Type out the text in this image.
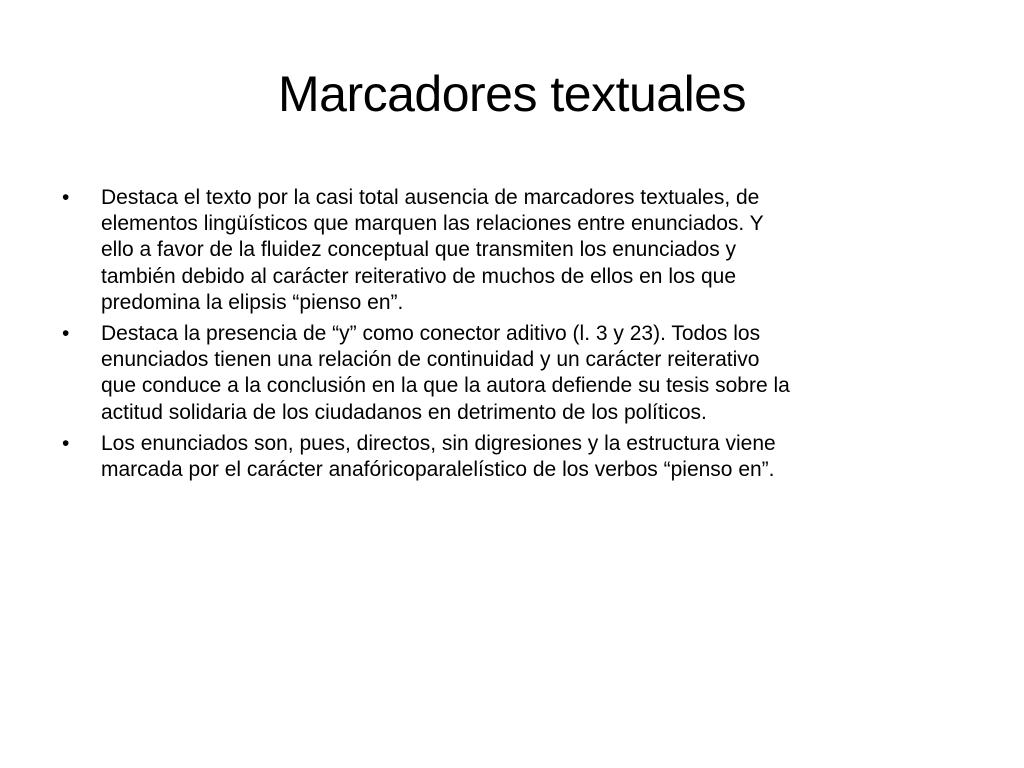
Marcadores textuales
•	Destaca el texto por la casi total ausencia de marcadores textuales, de
elementos lingüísticos que marquen las relaciones entre enunciados. Y
ello a favor de la fluidez conceptual que transmiten los enunciados y
también debido al carácter reiterativo de muchos de ellos en los que
predomina la elipsis “pienso en”.
•	Destaca la presencia de “y” como conector aditivo (l. 3 y 23). Todos los
enunciados tienen una relación de continuidad y un carácter reiterativo
que conduce a la conclusión en la que la autora defiende su tesis sobre la
actitud solidaria de los ciudadanos en detrimento de los políticos.
•	Los enunciados son, pues, directos, sin digresiones y la estructura viene
marcada por el carácter anafóricoparalelístico de los verbos “pienso en”.
